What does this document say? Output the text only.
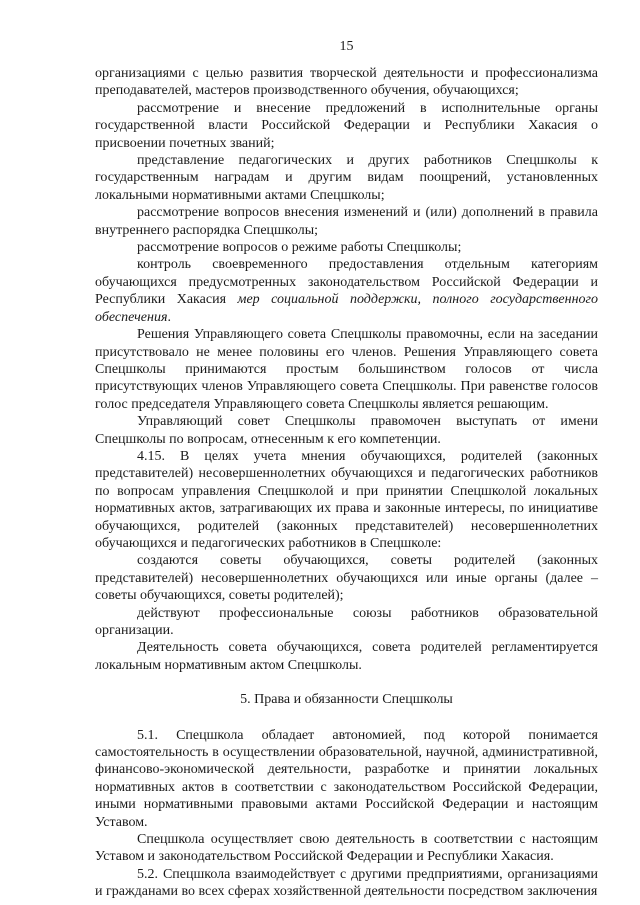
15

организациями с целью развития творческой деятельности и профессионализма преподавателей, мастеров производственного обучения, обучающихся;

рассмотрение и внесение предложений в исполнительные органы государственной власти Российской Федерации и Республики Хакасия о присвоении почетных званий;

представление педагогических и других работников Спецшколы к государственным наградам и другим видам поощрений, установленных локальными нормативными актами Спецшколы;

рассмотрение вопросов внесения изменений и (или) дополнений в правила внутреннего распорядка Спецшколы;

рассмотрение вопросов о режиме работы Спецшколы;

контроль своевременного предоставления отдельным категориям обучающихся предусмотренных законодательством Российской Федерации и Республики Хакасия мер социальной поддержки, полного государственного обеспечения.

Решения Управляющего совета Спецшколы правомочны, если на заседании присутствовало не менее половины его членов. Решения Управляющего совета Спецшколы принимаются простым большинством голосов от числа присутствующих членов Управляющего совета Спецшколы. При равенстве голосов голос председателя Управляющего совета Спецшколы является решающим.

Управляющий совет Спецшколы правомочен выступать от имени Спецшколы по вопросам, отнесенным к его компетенции.

4.15. В целях учета мнения обучающихся, родителей (законных представителей) несовершеннолетних обучающихся и педагогических работников по вопросам управления Спецшколой и при принятии Спецшколой локальных нормативных актов, затрагивающих их права и законные интересы, по инициативе обучающихся, родителей (законных представителей) несовершеннолетних обучающихся и педагогических работников в Спецшколе:

создаются советы обучающихся, советы родителей (законных представителей) несовершеннолетних обучающихся или иные органы (далее – советы обучающихся, советы родителей);

действуют профессиональные союзы работников образовательной организации.

Деятельность совета обучающихся, совета родителей регламентируется локальным нормативным актом Спецшколы.

5. Права и обязанности Спецшколы

5.1. Спецшкола обладает автономией, под которой понимается самостоятельность в осуществлении образовательной, научной, административной, финансово-экономической деятельности, разработке и принятии локальных нормативных актов в соответствии с законодательством Российской Федерации, иными нормативными правовыми актами Российской Федерации и настоящим Уставом.

Спецшкола осуществляет свою деятельность в соответствии с настоящим Уставом и законодательством Российской Федерации и Республики Хакасия.

5.2. Спецшкола взаимодействует с другими предприятиями, организациями и гражданами во всех сферах хозяйственной деятельности посредством заключения
